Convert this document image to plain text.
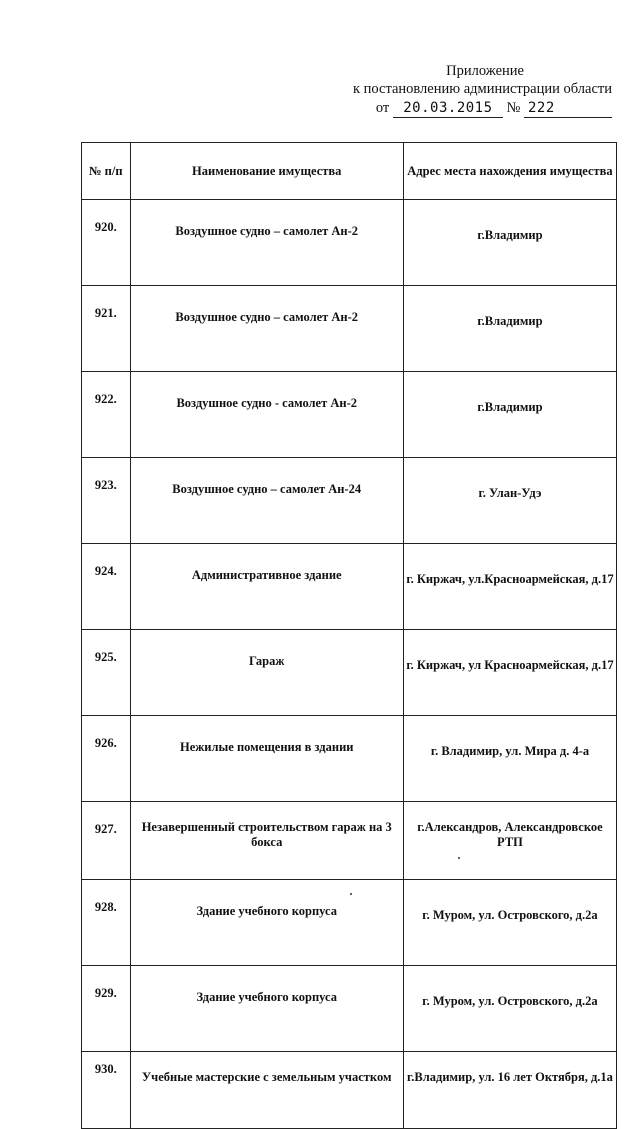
Приложение
к постановлению администрации области
от 20.03.2015 № 222
№ п/п	Наименование имущества	Адрес места нахождения имущества
920.	Воздушное судно – самолет Ан-2	г.Владимир
921.	Воздушное судно – самолет Ан-2	г.Владимир
922.	Воздушное судно - самолет Ан-2	г.Владимир
923.	Воздушное судно – самолет Ан-24	г. Улан-Удэ
924.	Административное здание	г. Киржач, ул.Красноармейская, д.17
925.	Гараж	г. Киржач, ул Красноармейская, д.17
926.	Нежилые помещения в здании	г. Владимир, ул. Мира д. 4-а
927.	Незавершенный строительством гараж на 3 бокса	г.Александров, Александровское РТП
928.	Здание учебного корпуса	г. Муром, ул. Островского, д.2а
929.	Здание учебного корпуса	г. Муром, ул. Островского, д.2а
930.	Учебные мастерские с земельным участком	г.Владимир, ул. 16 лет Октября, д.1а
